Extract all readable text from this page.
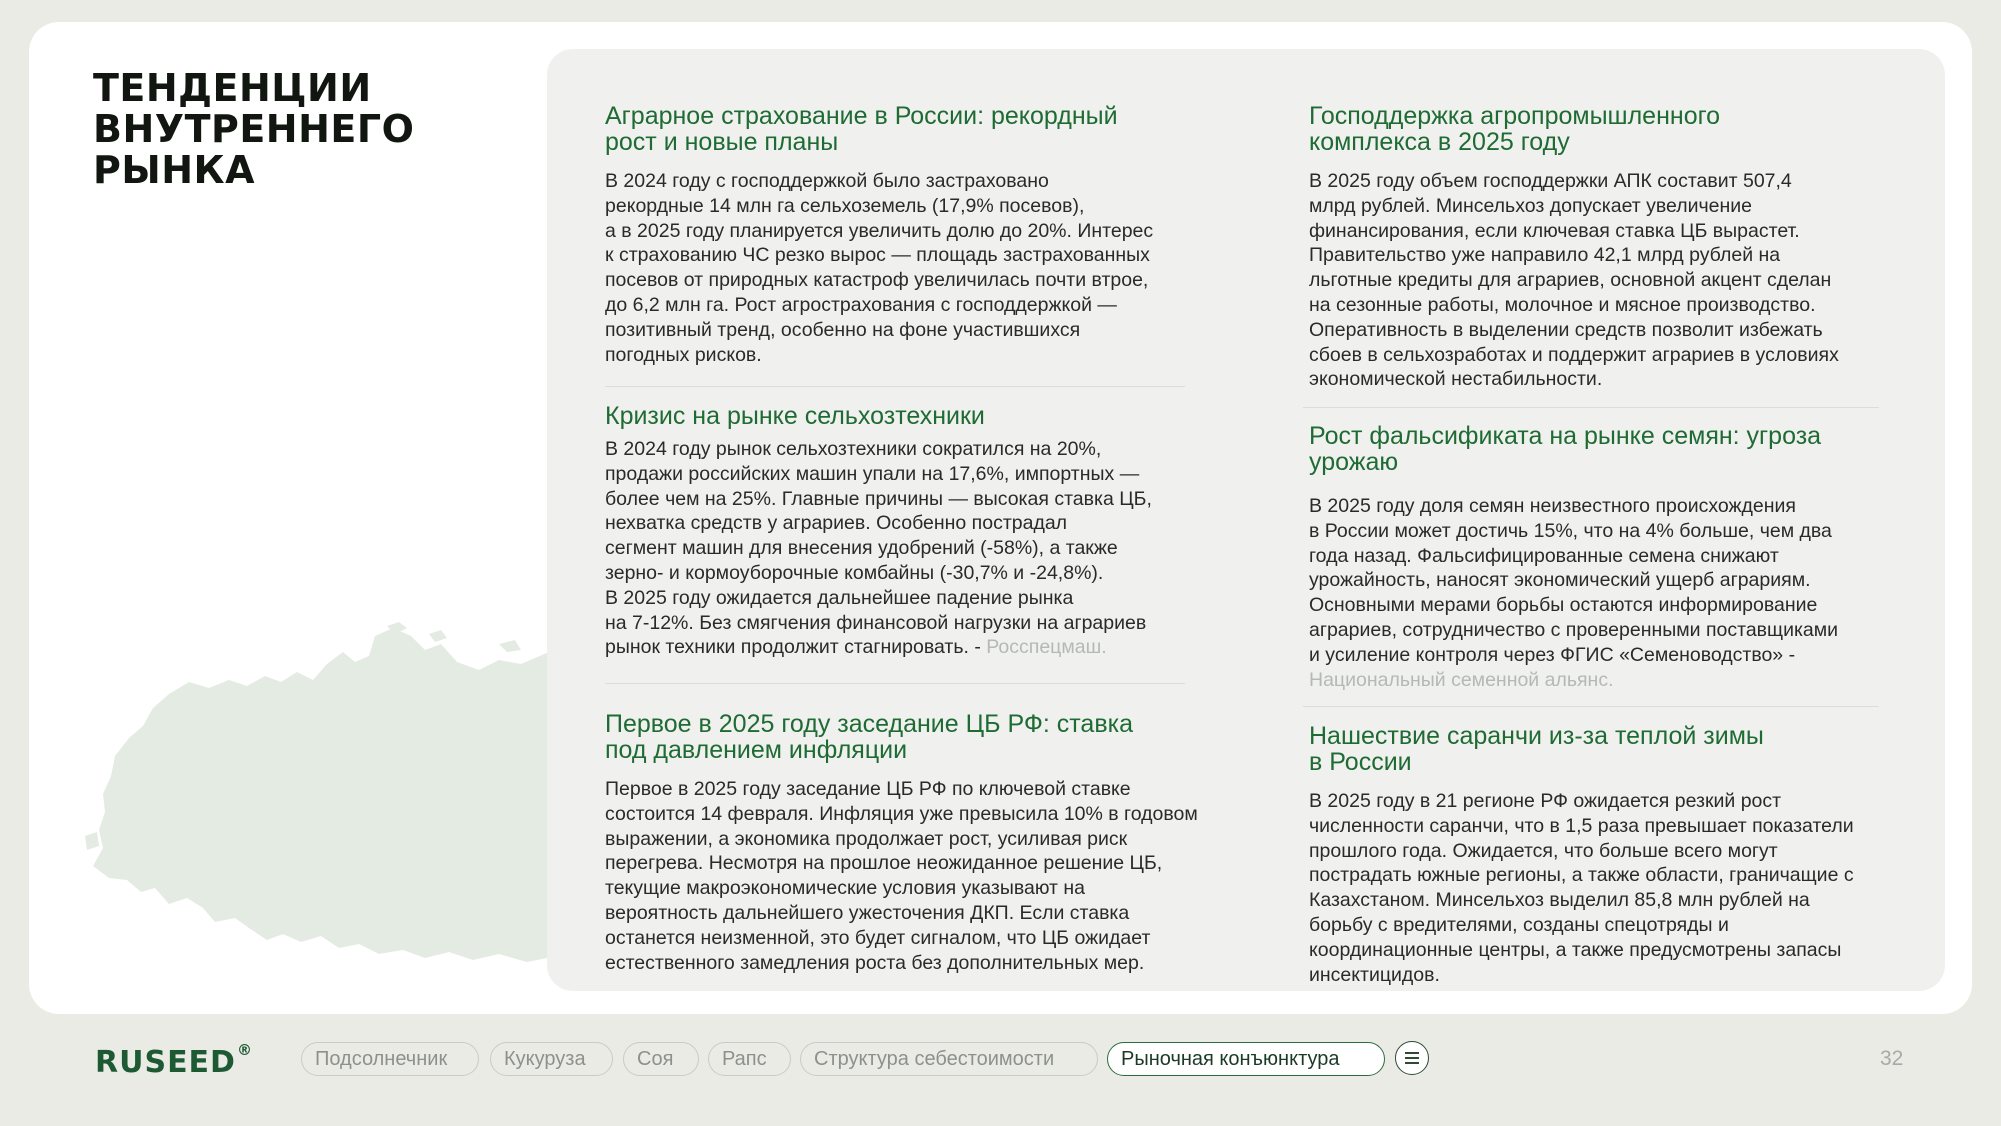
ТЕНДЕНЦИИ
ВНУТРЕННЕГО
РЫНКА
Аграрное страхование в России: рекордный
рост и новые планы

В 2024 году с господдержкой было застраховано
рекордные 14 млн га сельхоземель (17,9% посевов),
а в 2025 году планируется увеличить долю до 20%. Интерес
к страхованию ЧС резко вырос — площадь застрахованных
посевов от природных катастроф увеличилась почти втрое,
до 6,2 млн га. Рост агрострахования с господдержкой —
позитивный тренд, особенно на фоне участившихся
погодных рисков.

Кризис на рынке сельхозтехники

В 2024 году рынок сельхозтехники сократился на 20%,
продажи российских машин упали на 17,6%, импортных —
более чем на 25%. Главные причины — высокая ставка ЦБ,
нехватка средств у аграриев. Особенно пострадал
сегмент машин для внесения удобрений (-58%), а также
зерно- и кормоуборочные комбайны (-30,7% и -24,8%).
В 2025 году ожидается дальнейшее падение рынка
на 7-12%. Без смягчения финансовой нагрузки на аграриев
рынок техники продолжит стагнировать. - Росспецмаш.

Первое в 2025 году заседание ЦБ РФ: ставка
под давлением инфляции

Первое в 2025 году заседание ЦБ РФ по ключевой ставке
состоится 14 февраля. Инфляция уже превысила 10% в годовом
выражении, а экономика продолжает рост, усиливая риск
перегрева. Несмотря на прошлое неожиданное решение ЦБ,
текущие макроэкономические условия указывают на
вероятность дальнейшего ужесточения ДКП. Если ставка
останется неизменной, это будет сигналом, что ЦБ ожидает
естественного замедления роста без дополнительных мер.

Господдержка агропромышленного
комплекса в 2025 году

В 2025 году объем господдержки АПК составит 507,4
млрд рублей. Минсельхоз допускает увеличение
финансирования, если ключевая ставка ЦБ вырастет.
Правительство уже направило 42,1 млрд рублей на
льготные кредиты для аграриев, основной акцент сделан
на сезонные работы, молочное и мясное производство.
Оперативность в выделении средств позволит избежать
сбоев в сельхозработах и поддержит аграриев в условиях
экономической нестабильности.

Рост фальсификата на рынке семян: угроза
урожаю

В 2025 году доля семян неизвестного происхождения
в России может достичь 15%, что на 4% больше, чем два
года назад. Фальсифицированные семена снижают
урожайность, наносят экономический ущерб аграриям.
Основными мерами борьбы остаются информирование
аграриев, сотрудничество с проверенными поставщиками
и усиление контроля через ФГИС «Семеноводство» -
Национальный семенной альянс.

Нашествие саранчи из-за теплой зимы
в России

В 2025 году в 21 регионе РФ ожидается резкий рост
численности саранчи, что в 1,5 раза превышает показатели
прошлого года. Ожидается, что больше всего могут
пострадать южные регионы, а также области, граничащие с
Казахстаном. Минсельхоз выделил 85,8 млн рублей на
борьбу с вредителями, созданы спецотряды и
координационные центры, а также предусмотрены запасы
инсектицидов.

RUSEED®	Подсолнечник	Кукуруза	Соя	Рапс	Структура себестоимости	Рыночная конъюнктура	32
